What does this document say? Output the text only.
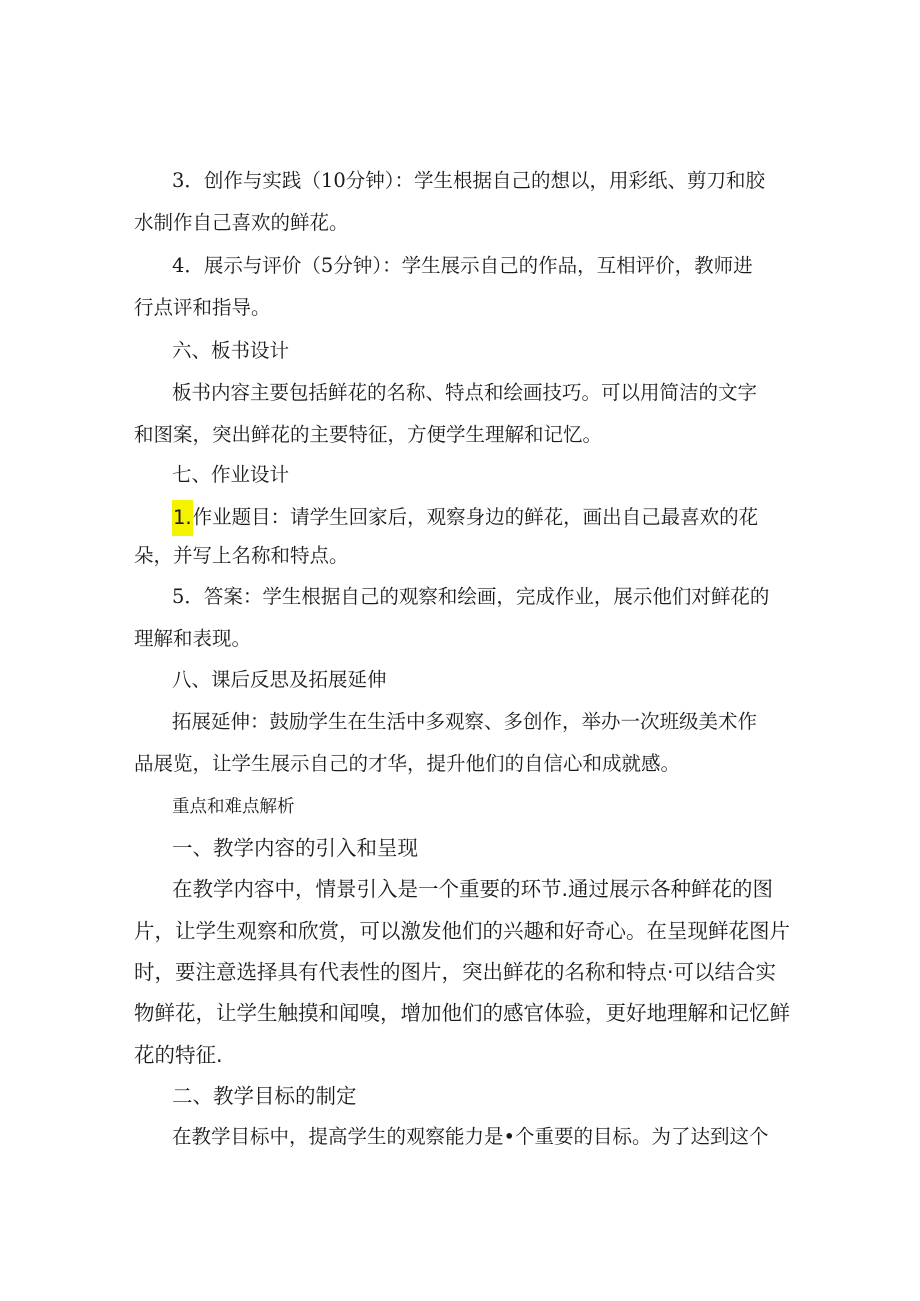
3．创作与实践（10分钟）：学生根据自己的想以，用彩纸、剪刀和胶
水制作自己喜欢的鲜花。
4．展示与评价（5分钟）：学生展示自己的作品，互相评价，教师进
行点评和指导。
六、板书设计
板书内容主要包括鲜花的名称、特点和绘画技巧。可以用简洁的文字
和图案，突出鲜花的主要特征，方便学生理解和记忆。
七、作业设计
1.作业题目：请学生回家后，观察身边的鲜花，画出自己最喜欢的花
朵，并写上名称和特点。
5．答案：学生根据自己的观察和绘画，完成作业，展示他们对鲜花的
理解和表现。
八、课后反思及拓展延伸
拓展延伸：鼓励学生在生活中多观察、多创作，举办一次班级美术作
品展览，让学生展示自己的才华，提升他们的自信心和成就感。
重点和难点解析
一、教学内容的引入和呈现
在教学内容中，情景引入是一个重要的环节.通过展示各种鲜花的图
片，让学生观察和欣赏，可以激发他们的兴趣和好奇心。在呈现鲜花图片
时，要注意选择具有代表性的图片，突出鲜花的名称和特点·可以结合实
物鲜花，让学生触摸和闻嗅，增加他们的感官体验，更好地理解和记忆鲜
花的特征.
二、教学目标的制定
在教学目标中，提高学生的观察能力是•个重要的目标。为了达到这个
